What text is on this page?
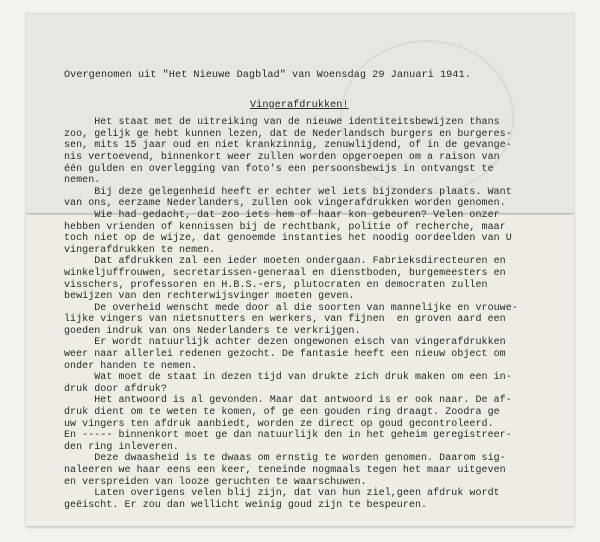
Overgenomen uit "Het Nieuwe Dagblad" van Woensdag 29 Januari 1941.
Vingerafdrukken!
Het staat met de uitreiking van de nieuwe identiteitsbewijzen thans
zoo, gelijk ge hebt kunnen lezen, dat de Nederlandsch burgers en burgeres-
sen, mits 15 jaar oud en niet krankzinnig, zenuwlijdend, of in de gevange-
nis vertoevend, binnenkort weer zullen worden opgeroepen om a raison van
één gulden en overlegging van foto's een persoonsbewijs in ontvangst te
nemen.
Bij deze gelegenheid heeft er echter wel iets bijzonders plaats. Want
van ons, eerzame Nederlanders, zullen ook vingerafdrukken worden genomen.
Wie had gedacht, dat zoo iets hem of haar kon gebeuren? Velen onzer
hebben vrienden of kennissen bij de rechtbank, politie of recherche, maar
toch niet op de wijze, dat genoemde instanties het noodig oordeelden van U
vingerafdrukken te nemen.
Dat afdrukken zal een ieder moeten ondergaan. Fabrieksdirecteuren en
winkeljuffrouwen, secretarissen-generaal en dienstboden, burgemeesters en
visschers, professoren en H.B.S.-ers, plutocraten en democraten zullen
bewijzen van den rechterwijsvinger moeten geven.
De overheid wenscht mede door al die soorten van mannelijke en vrouwe-
lijke vingers van nietsnutters en werkers, van fijnen  en groven aard een
goeden indruk van ons Nederlanders te verkrijgen.
Er wordt natuurlijk achter dezen ongewonen eisch van vingerafdrukken
weer naar allerlei redenen gezocht. De fantasie heeft een nieuw object om
onder handen te nemen.
Wat moet de staat in dezen tijd van drukte zich druk maken om een in-
druk door afdruk?
Het antwoord is al gevonden. Maar dat antwoord is er ook naar. De af-
druk dient om te weten te komen, of ge een gouden ring draagt. Zoodra ge
uw vingers ten afdruk aanbiedt, worden ze direct op goud gecontroleerd.
En ----- binnenkort moet ge dan natuurlijk den in het geheim geregistreer-
den ring inleveren.
Deze dwaasheid is te dwaas om ernstig te worden genomen. Daarom sig-
naleeren we haar eens een keer, teneinde nogmaals tegen het maar uitgeven
en verspreiden van looze geruchten te waarschuwen.
Laten overigens velen blij zijn, dat van hun ziel,geen afdruk wordt
geëischt. Er zou dan wellicht weinig goud zijn te bespeuren.
